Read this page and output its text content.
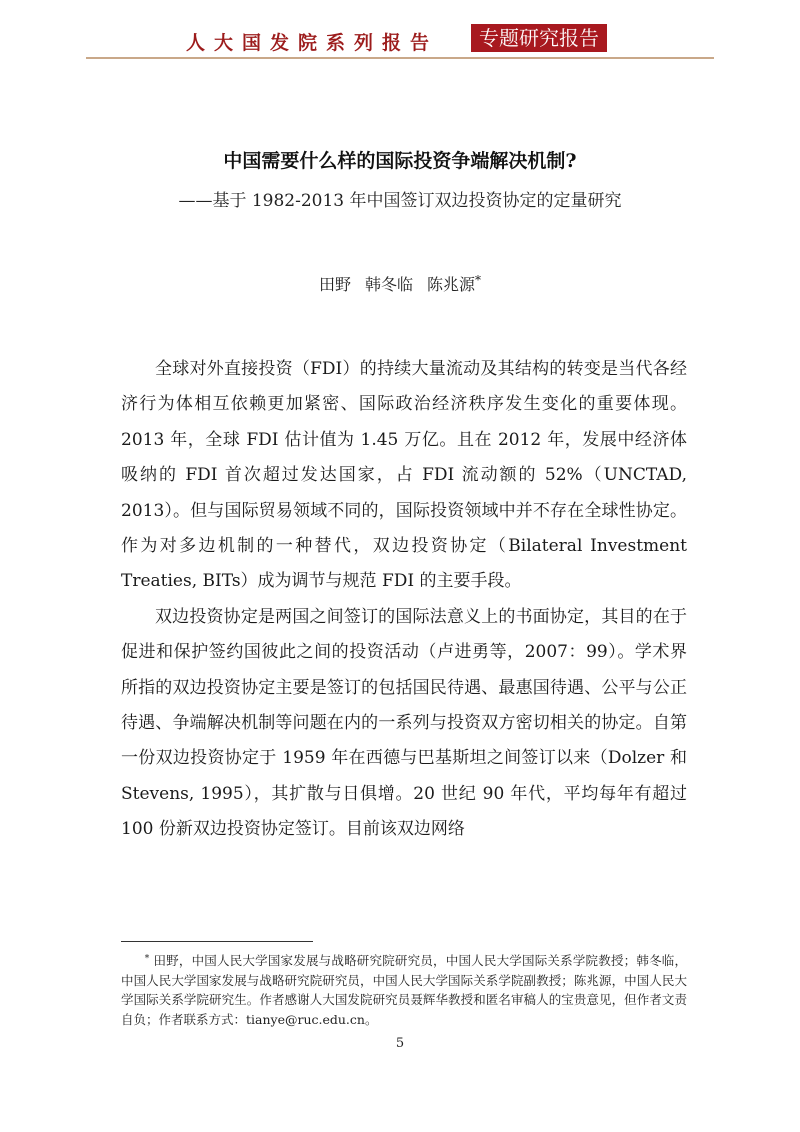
人大国发院系列报告	专题研究报告
中国需要什么样的国际投资争端解决机制?
——基于 1982-2013 年中国签订双边投资协定的定量研究
田野 韩冬临 陈兆源*

全球对外直接投资（FDI）的持续大量流动及其结构的转变是当代各经济行为体相互依赖更加紧密、国际政治经济秩序发生变化的重要体现。2013 年，全球 FDI 估计值为 1.45 万亿。且在 2012 年，发展中经济体吸纳的 FDI 首次超过发达国家，占 FDI 流动额的 52%（UNCTAD, 2013）。但与国际贸易领域不同的，国际投资领域中并不存在全球性协定。作为对多边机制的一种替代，双边投资协定（Bilateral Investment Treaties, BITs）成为调节与规范 FDI 的主要手段。

双边投资协定是两国之间签订的国际法意义上的书面协定，其目的在于促进和保护签约国彼此之间的投资活动（卢进勇等，2007：99）。学术界所指的双边投资协定主要是签订的包括国民待遇、最惠国待遇、公平与公正待遇、争端解决机制等问题在内的一系列与投资双方密切相关的协定。自第一份双边投资协定于 1959 年在西德与巴基斯坦之间签订以来（Dolzer 和 Stevens, 1995），其扩散与日俱增。20 世纪 90 年代，平均每年有超过 100 份新双边投资协定签订。目前该双边网络

* 田野，中国人民大学国家发展与战略研究院研究员，中国人民大学国际关系学院教授；韩冬临，中国人民大学国家发展与战略研究院研究员，中国人民大学国际关系学院副教授；陈兆源，中国人民大学国际关系学院研究生。作者感谢人大国发院研究员聂辉华教授和匿名审稿人的宝贵意见，但作者文责自负；作者联系方式：tianye@ruc.edu.cn。

5
